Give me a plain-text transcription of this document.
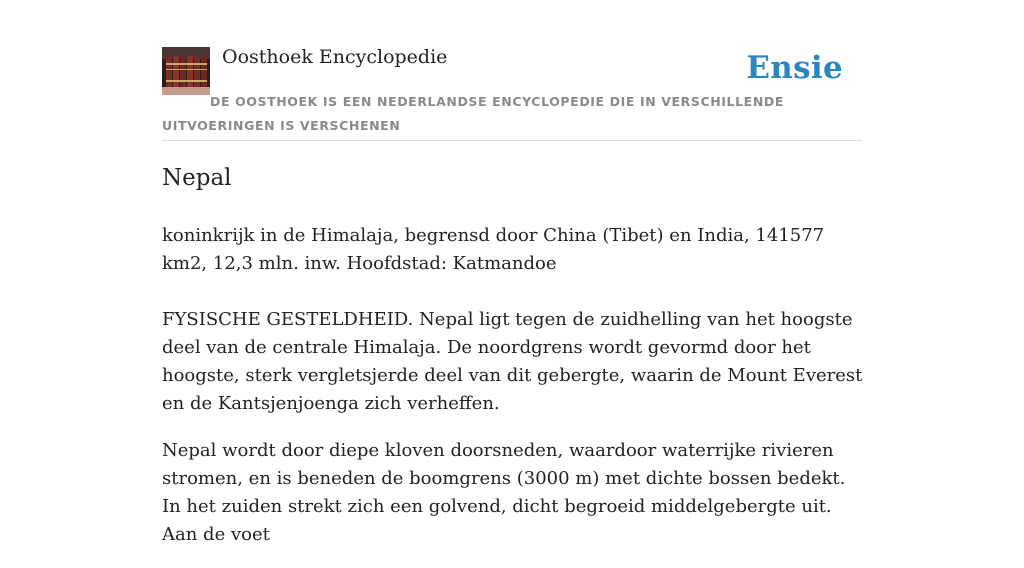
Oosthoek Encyclopedie	Ensie
DE OOSTHOEK IS EEN NEDERLANDSE ENCYCLOPEDIE DIE IN VERSCHILLENDE UITVOERINGEN IS VERSCHENEN
Nepal

koninkrijk in de Himalaja, begrensd door China (Tibet) en India, 141577 km2, 12,3 mln. inw. Hoofdstad: Katmandoe

FYSISCHE GESTELDHEID. Nepal ligt tegen de zuidhelling van het hoogste deel van de centrale Himalaja. De noordgrens wordt gevormd door het hoogste, sterk vergletsjerde deel van dit gebergte, waarin de Mount Everest en de Kantsjenjoenga zich verheffen.

Nepal wordt door diepe kloven doorsneden, waardoor waterrijke rivieren stromen, en is beneden de boomgrens (3000 m) met dichte bossen bedekt. In het zuiden strekt zich een golvend, dicht begroeid middelgebergte uit. Aan de voet
